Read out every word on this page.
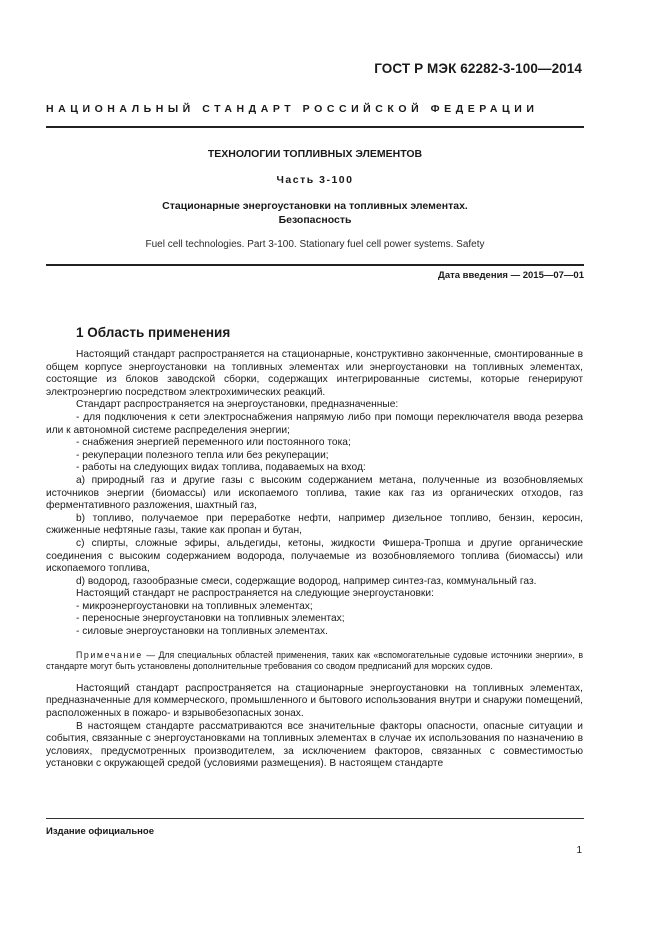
ГОСТ Р МЭК 62282-3-100—2014
НАЦИОНАЛЬНЫЙ СТАНДАРТ РОССИЙСКОЙ ФЕДЕРАЦИИ
ТЕХНОЛОГИИ ТОПЛИВНЫХ ЭЛЕМЕНТОВ
Часть 3-100
Стационарные энергоустановки на топливных элементах.
Безопасность
Fuel cell technologies. Part 3-100. Stationary fuel cell power systems. Safety
Дата введения — 2015—07—01
1 Область применения

Настоящий стандарт распространяется на стационарные, конструктивно законченные, смонтированные в общем корпусе энергоустановки на топливных элементах или энергоустановки на топливных элементах, состоящие из блоков заводской сборки, содержащих интегрированные системы, которые генерируют электроэнергию посредством электрохимических реакций.

Стандарт распространяется на энергоустановки, предназначенные:

- для подключения к сети электроснабжения напрямую либо при помощи переключателя ввода резерва или к автономной системе распределения энергии;

- снабжения энергией переменного или постоянного тока;

- рекуперации полезного тепла или без рекуперации;

- работы на следующих видах топлива, подаваемых на вход:

a) природный газ и другие газы с высоким содержанием метана, полученные из возобновляемых источников энергии (биомассы) или ископаемого топлива, такие как газ из органических отходов, газ ферментативного разложения, шахтный газ,

b) топливо, получаемое при переработке нефти, например дизельное топливо, бензин, керосин, сжиженные нефтяные газы, такие как пропан и бутан,

c) спирты, сложные эфиры, альдегиды, кетоны, жидкости Фишера-Тропша и другие органические соединения с высоким содержанием водорода, получаемые из возобновляемого топлива (биомассы) или ископаемого топлива,

d) водород, газообразные смеси, содержащие водород, например синтез-газ, коммунальный газ.

Настоящий стандарт не распространяется на следующие энергоустановки:

- микроэнергоустановки на топливных элементах;

- переносные энергоустановки на топливных элементах;

- силовые энергоустановки на топливных элементах.

Примечание — Для специальных областей применения, таких как «вспомогательные судовые источники энергии», в стандарте могут быть установлены дополнительные требования со сводом предписаний для морских судов.

Настоящий стандарт распространяется на стационарные энергоустановки на топливных элементах, предназначенные для коммерческого, промышленного и бытового использования внутри и снаружи помещений, расположенных в пожаро- и взрывобезопасных зонах.

В настоящем стандарте рассматриваются все значительные факторы опасности, опасные ситуации и события, связанные с энергоустановками на топливных элементах в случае их использования по назначению в условиях, предусмотренных производителем, за исключением факторов, связанных с совместимостью установки с окружающей средой (условиями размещения). В настоящем стандарте

Издание официальное
1
